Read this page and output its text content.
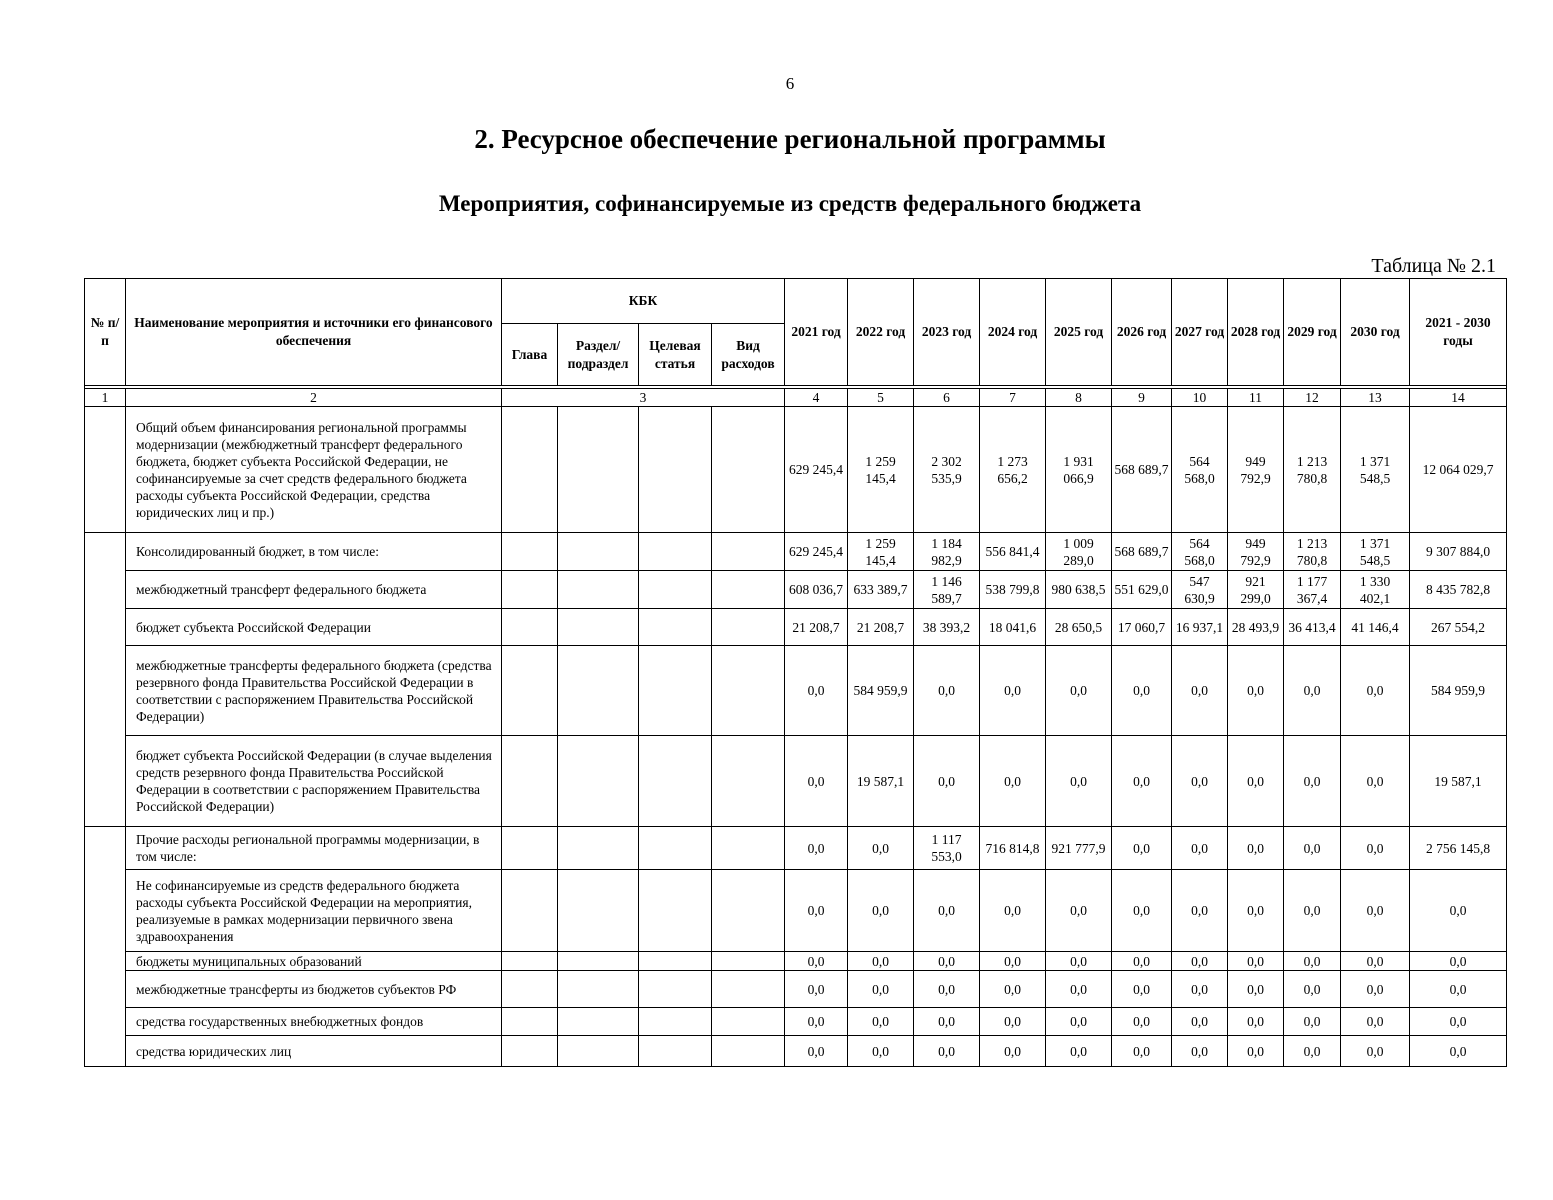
6
2. Ресурсное обеспечение региональной программы
Мероприятия, софинансируемые из средств федерального бюджета
Таблица № 2.1
№ п/п	Наименование мероприятия и источники его финансового обеспечения	КБК				2021 год	2022 год	2023 год	2024 год	2025 год	2026 год	2027 год	2028 год	2029 год	2030 год	2021 - 2030 годы
		Глава	Раздел/ подраздел	Целевая статья	Вид расходов											

1	2	3				4	5	6	7	8	9	10	11	12	13	14
	Общий объем финансирования региональной программы модернизации (межбюджетный трансферт федерального бюджета, бюджет субъекта Российской Федерации, не софинансируемые за счет средств федерального бюджета расходы субъекта Российской Федерации, средства юридических лиц и пр.)					629 245,4	1 259 145,4	2 302 535,9	1 273 656,2	1 931 066,9	568 689,7	564 568,0	949 792,9	1 213 780,8	1 371 548,5	12 064 029,7
	Консолидированный бюджет, в том числе:					629 245,4	1 259 145,4	1 184 982,9	556 841,4	1 009 289,0	568 689,7	564 568,0	949 792,9	1 213 780,8	1 371 548,5	9 307 884,0
	межбюджетный трансферт федерального бюджета					608 036,7	633 389,7	1 146 589,7	538 799,8	980 638,5	551 629,0	547 630,9	921 299,0	1 177 367,4	1 330 402,1	8 435 782,8
	бюджет субъекта Российской Федерации					21 208,7	21 208,7	38 393,2	18 041,6	28 650,5	17 060,7	16 937,1	28 493,9	36 413,4	41 146,4	267 554,2
	межбюджетные трансферты федерального бюджета (средства резервного фонда Правительства Российской Федерации в соответствии с распоряжением Правительства Российской Федерации)					0,0	584 959,9	0,0	0,0	0,0	0,0	0,0	0,0	0,0	0,0	584 959,9
	бюджет субъекта Российской Федерации (в случае выделения средств резервного фонда Правительства Российской Федерации в соответствии с распоряжением Правительства Российской Федерации)					0,0	19 587,1	0,0	0,0	0,0	0,0	0,0	0,0	0,0	0,0	19 587,1
	Прочие расходы региональной программы модернизации, в том числе:					0,0	0,0	1 117 553,0	716 814,8	921 777,9	0,0	0,0	0,0	0,0	0,0	2 756 145,8
	Не софинансируемые из средств федерального бюджета расходы субъекта Российской Федерации на мероприятия, реализуемые в рамках модернизации первичного звена здравоохранения					0,0	0,0	0,0	0,0	0,0	0,0	0,0	0,0	0,0	0,0	0,0
	бюджеты муниципальных образований					0,0	0,0	0,0	0,0	0,0	0,0	0,0	0,0	0,0	0,0	0,0
	межбюджетные трансферты из бюджетов субъектов РФ					0,0	0,0	0,0	0,0	0,0	0,0	0,0	0,0	0,0	0,0	0,0
	средства государственных внебюджетных фондов					0,0	0,0	0,0	0,0	0,0	0,0	0,0	0,0	0,0	0,0	0,0
	средства юридических лиц					0,0	0,0	0,0	0,0	0,0	0,0	0,0	0,0	0,0	0,0	0,0
